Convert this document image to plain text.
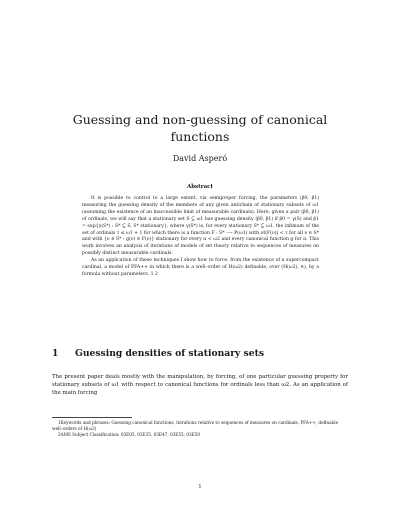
Guessing and non-guessing of canonical functions
David Asperó
Abstract

It is possible to control to a large extent, via semiproper forcing, the parameters (β0, β1) measuring the guessing density of the members of any given antichain of stationary subsets of ω1 (assuming the existence of an inaccessible limit of measurable cardinals). Here, given a pair (β0, β1) of ordinals, we will say that a stationary set S ⊆ ω1 has guessing density (β0, β1) if β0 = γ(S) and β1 = sup{γ(S*) : S* ⊆ S, S* stationary}, where γ(S*) is, for every stationary S* ⊆ ω1, the infimum of the set of ordinals τ ≤ ω1 + 1 for which there is a function F : S* ⟶ P(ω1) with ot(F(ν)) < τ for all ν ∈ S* and with {ν ∈ S* : g(ν) ∈ F(ν)} stationary for every α < ω2 and every canonical function g for α. This work involves an analysis of iterations of models of set theory relative to sequences of measures on possibly distinct measurable cardinals.

As an application of these techniques I show how to force, from the existence of a supercompact cardinal, a model of PFA++ in which there is a well–order of H(ω2) definable, over (H(ω2), ∈), by a formula without parameters. 1 2

1 Guessing densities of stationary sets

The present paper deals mostly with the manipulation, by forcing, of one particular guessing property for stationary subsets of ω1 with respect to canonical functions for ordinals less than ω2. As an application of the main forcing

1Keywords and phrases: Guessing canonical functions, iterations relative to sequences of measures on cardinals, PFA++, definable well–orders of H(ω2)

2AMS Subject Classification: 03E05, 03E35, 03E47, 03E55, 03E50

1
